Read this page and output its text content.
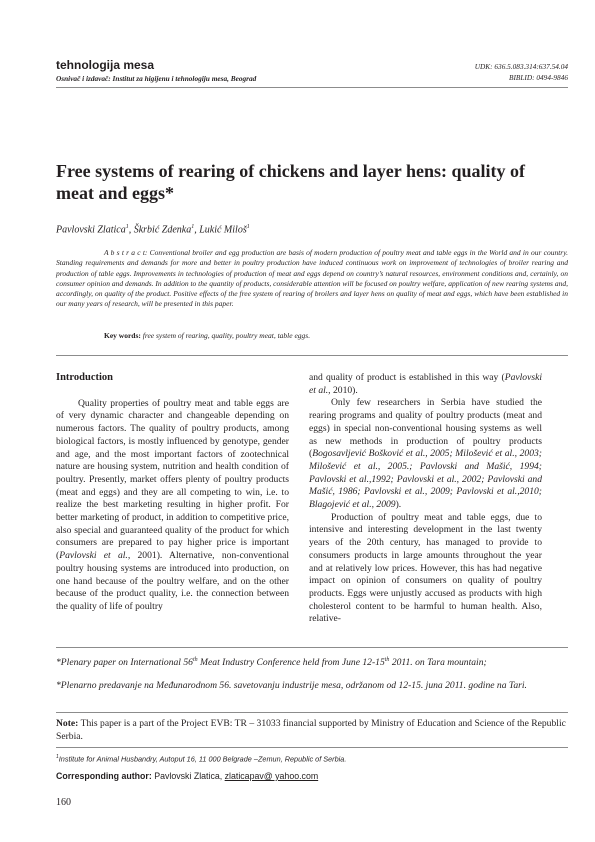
tehnologija mesa
Osnivač i izdavač: Institut za higijenu i tehnologiju mesa, Beograd
UDK: 636.5.083.314:637.54.04
BIBLID: 0494-9846
Free systems of rearing of chickens and layer hens: quality of meat and eggs*
Pavlovski Zlatica$^1$, Škrbić Zdenka$^1$, Lukić Miloš$^1$

A b s t r a c t: Conventional broiler and egg production are basis of modern production of poultry meat and table eggs in the World and in our country. Standing requirements and demands for more and better in poultry production have induced continuous work on improvement of technologies of broiler rearing and production of table eggs. Improvements in technologies of production of meat and eggs depend on country’s natural resources, environment conditions and, certainly, on consumer opinion and demands. In addition to the quantity of products, considerable attention will be focused on poultry welfare, application of new rearing systems and, accordingly, on quality of the product. Positive effects of the free system of rearing of broilers and layer hens on quality of meat and eggs, which have been established in our many years of research, will be presented in this paper.

Key words: free system of rearing, quality, poultry meat, table eggs.

Introduction

Quality properties of poultry meat and table eggs are of very dynamic character and changeable depending on numerous factors. The quality of poultry products, among biological factors, is mostly influenced by genotype, gender and age, and the most important factors of zootechnical nature are housing system, nutrition and health condition of poultry. Presently, market offers plenty of poultry products (meat and eggs) and they are all competing to win, i.e. to realize the best marketing resulting in higher profit. For better marketing of product, in addition to competitive price, also special and guaranteed quality of the product for which consumers are prepared to pay higher price is important (Pavlovski et al., 2001). Alternative, non-conventional poultry housing systems are introduced into production, on one hand because of the poultry welfare, and on the other because of the product quality, i.e. the connection between the quality of life of poultry

and quality of product is established in this way (Pavlovski et al., 2010).

Only few researchers in Serbia have studied the rearing programs and quality of poultry products (meat and eggs) in special non-conventional housing systems as well as new methods in production of poultry products (Bogosavljević Bošković et al., 2005; Milošević et al., 2003; Milošević et al., 2005.; Pavlovski and Mašić, 1994; Pavlovski et al.,1992; Pavlovski et al., 2002; Pavlovski and Mašić, 1986; Pavlovski et al., 2009; Pavlovski et al.,2010; Blagojević et al., 2009).

Production of poultry meat and table eggs, due to intensive and interesting development in the last twenty years of the 20th century, has managed to provide to consumers products in large amounts throughout the year and at relatively low prices. However, this has had negative impact on opinion of consumers on quality of poultry products. Eggs were unjustly accused as products with high cholesterol content to be harmful to human health. Also, relative-

*Plenary paper on International 56th Meat Industry Conference held from June 12-15th 2011. on Tara mountain;

*Plenarno predavanje na Međunarodnom 56. savetovanju industrije mesa, održanom od 12-15. juna 2011. godine na Tari.

Note: This paper is a part of the Project EVB: TR – 31033 financial supported by Ministry of Education and Science of the Republic Serbia.

$^1$Institute for Animal Husbandry, Autoput 16, 11 000 Belgrade –Zemun, Republic of Serbia.
Corresponding author: Pavlovski Zlatica, zlaticapav@ yahoo.com
160
